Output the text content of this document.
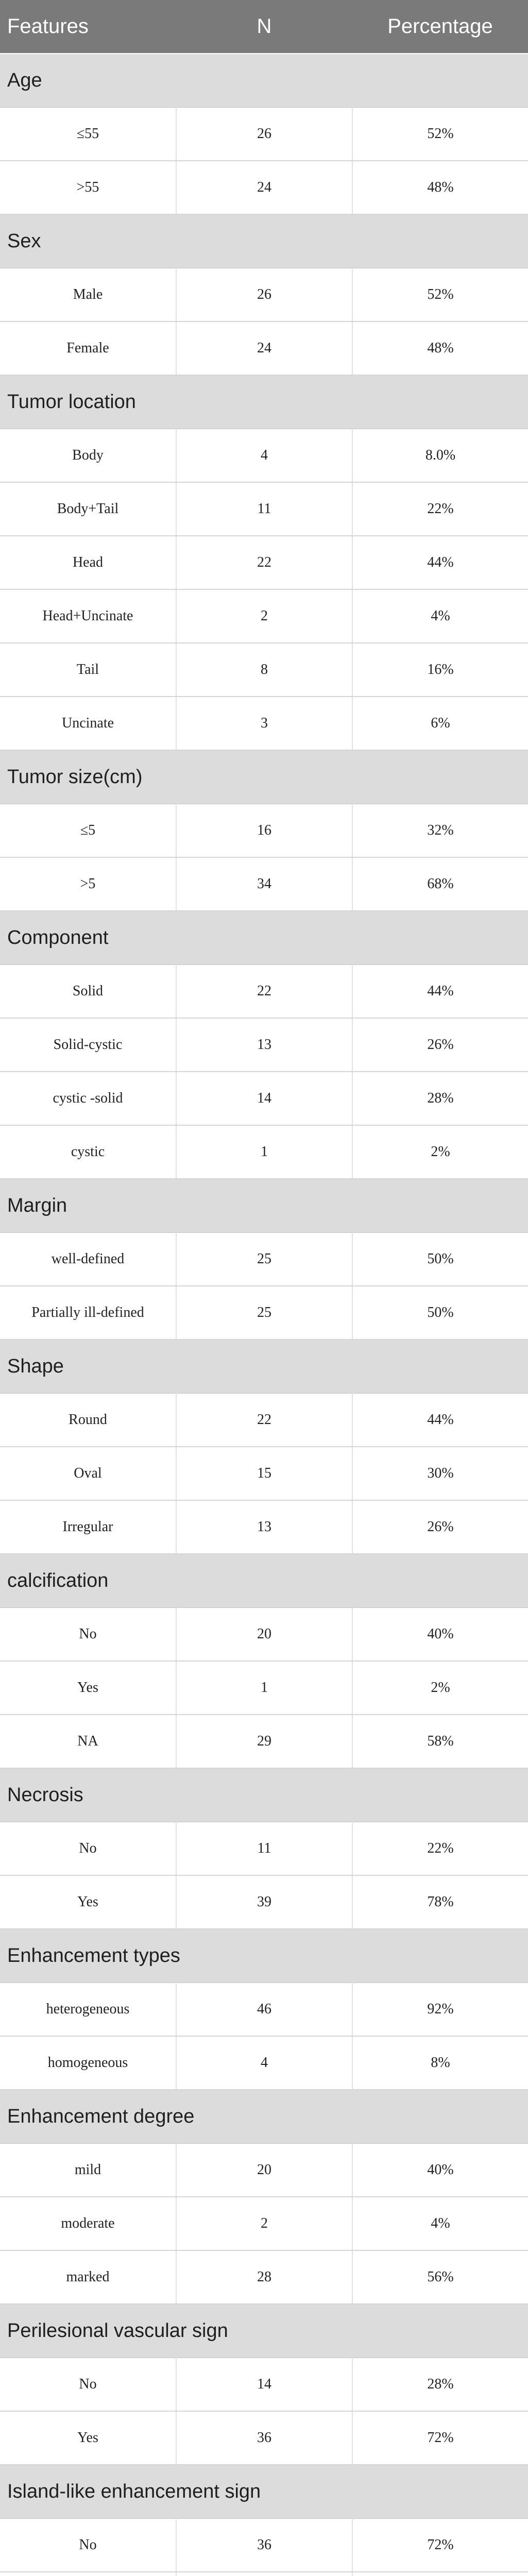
Features	N	Percentage
Age		
≤55	26	52%
>55	24	48%
Sex		
Male	26	52%
Female	24	48%
Tumor location		
Body	4	8.0%
Body+Tail	11	22%
Head	22	44%
Head+Uncinate	2	4%
Tail	8	16%
Uncinate	3	6%
Tumor size(cm)		
≤5	16	32%
>5	34	68%
Component		
Solid	22	44%
Solid-cystic	13	26%
cystic -solid	14	28%
cystic	1	2%
Margin		
well-defined	25	50%
Partially ill-defined	25	50%
Shape		
Round	22	44%
Oval	15	30%
Irregular	13	26%
calcification		
No	20	40%
Yes	1	2%
NA	29	58%
Necrosis		
No	11	22%
Yes	39	78%
Enhancement types		
heterogeneous	46	92%
homogeneous	4	8%
Enhancement degree		
mild	20	40%
moderate	2	4%
marked	28	56%
Perilesional vascular sign		
No	14	28%
Yes	36	72%
Island-like enhancement sign		
No	36	72%
